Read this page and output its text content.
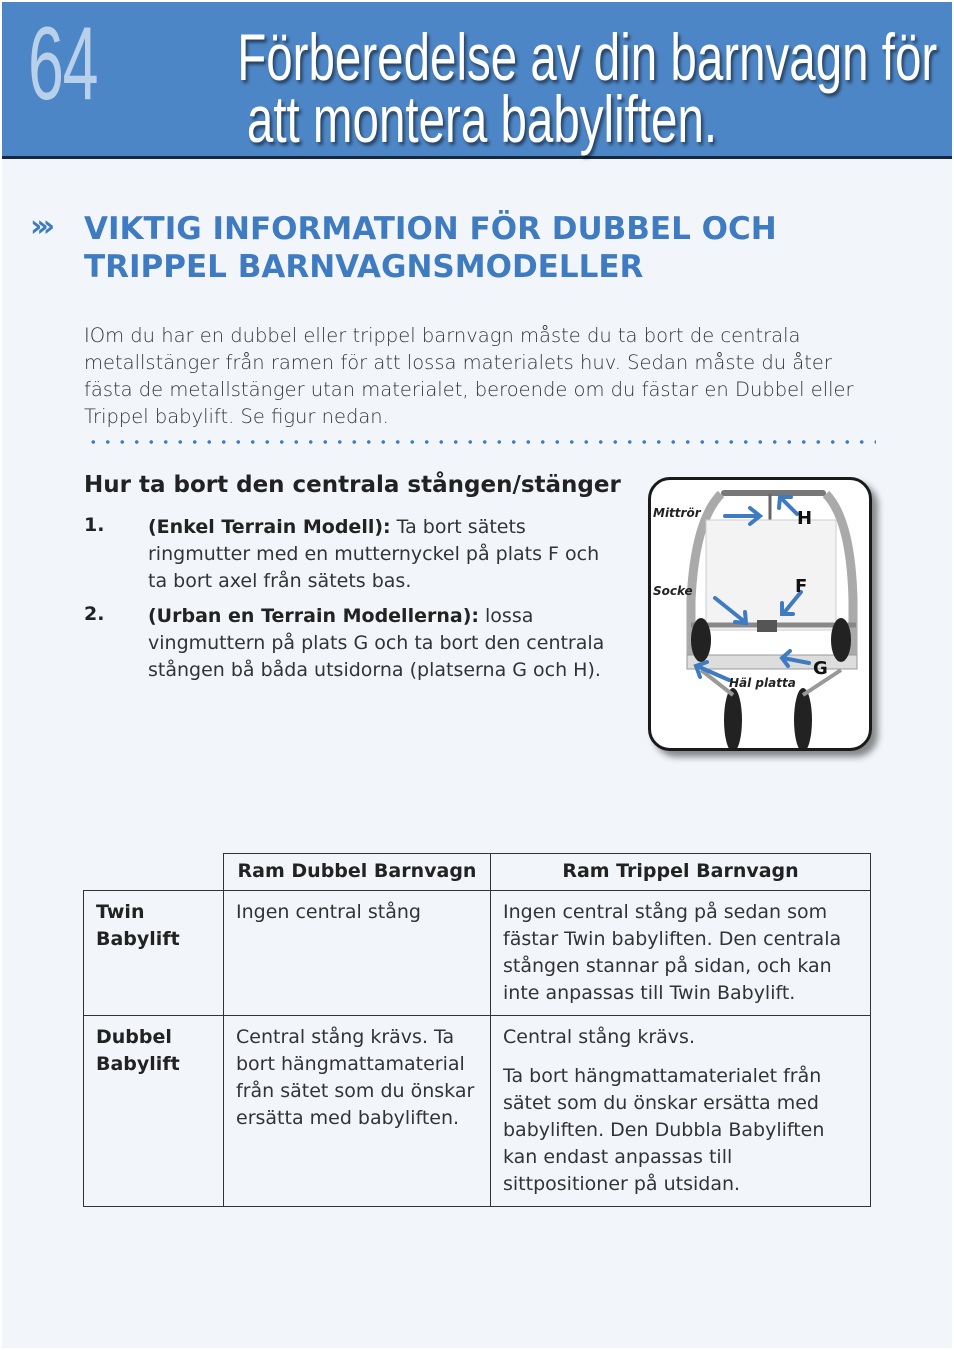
64 Förberedelse av din barnvagn för
att montera babyliften.
››› VIKTIG INFORMATION FÖR DUBBEL OCH TRIPPEL BARNVAGNSMODELLER
IOm du har en dubbel eller trippel barnvagn måste du ta bort de centrala metallstänger från ramen för att lossa materialets huv. Sedan måste du åter fästa de metallstänger utan materialet, beroende om du fästar en Dubbel eller Trippel babylift. Se figur nedan.
Hur ta bort den centrala stången/stänger
1. (Enkel Terrain Modell): Ta bort sätets ringmutter med en mutternyckel på plats F och ta bort axel från sätets bas.
2. (Urban en Terrain Modellerna): lossa vingmuttern på plats G och ta bort den centrala stången bå båda utsidorna (platserna G och H).
Mittrör
Socke
Häl platta
H
F
G
	Ram Dubbel Barnvagn	Ram Trippel Barnvagn
Twin Babylift	Ingen central stång	Ingen central stång på sedan som fästar Twin babyliften. Den centrala stången stannar på sidan, och kan inte anpassas till Twin Babylift.
Dubbel Babylift	Central stång krävs. Ta bort hängmattamaterial från sätet som du önskar ersätta med babyliften.	Central stång krävs.
Ta bort hängmattamaterialet från sätet som du önskar ersätta med babyliften. Den Dubbla Babyliften kan endast anpassas till sittpositioner på utsidan.
